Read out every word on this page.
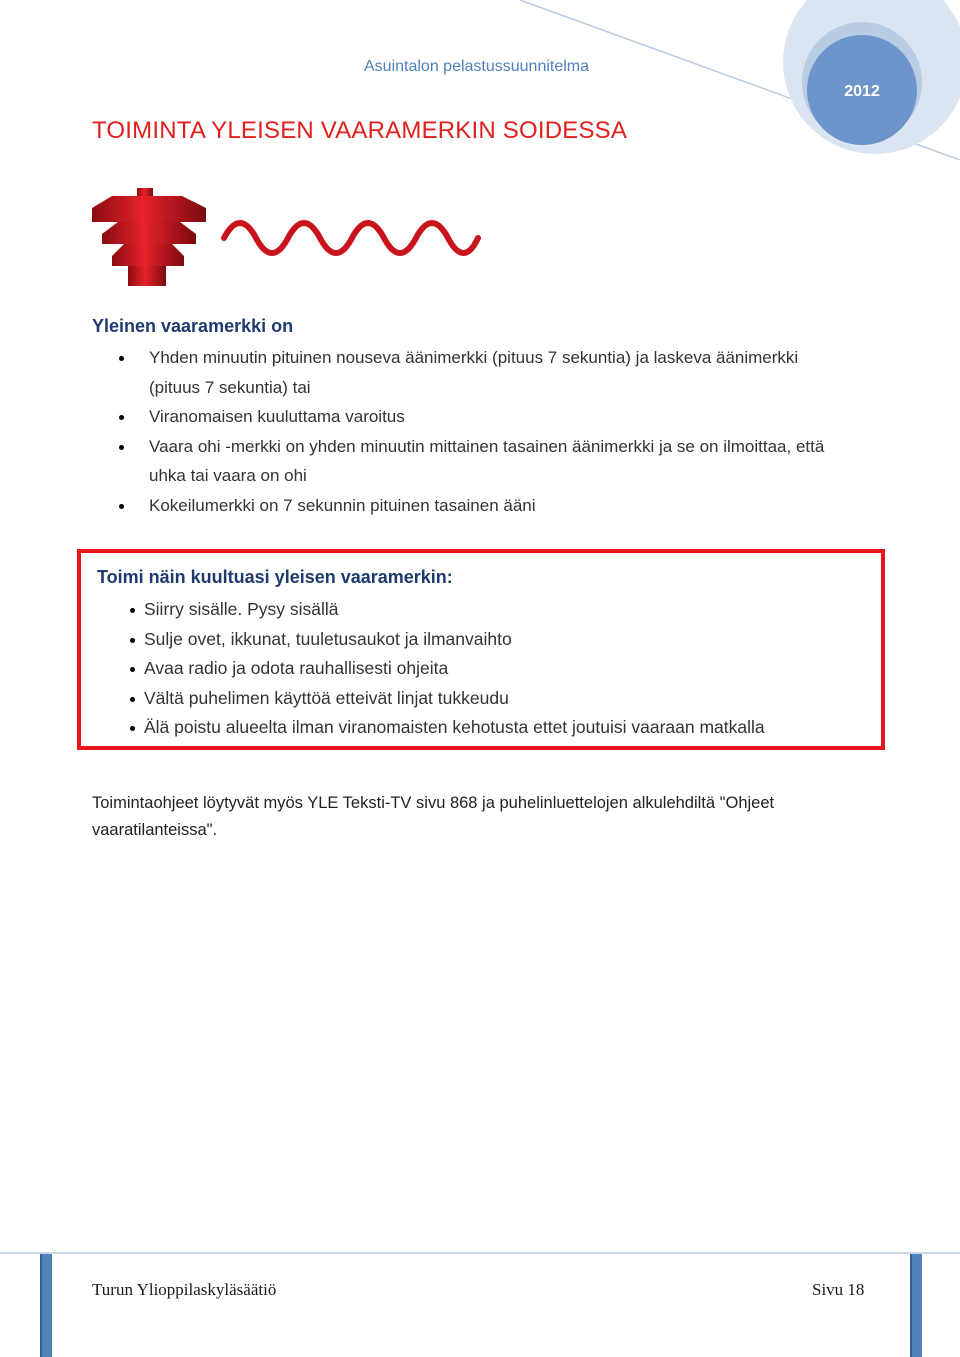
Asuintalon pelastussuunnitelma
2012
TOIMINTA YLEISEN VAARAMERKIN SOIDESSA
Yleinen vaaramerkki on
Yhden minuutin pituinen nouseva äänimerkki (pituus 7 sekuntia) ja laskeva äänimerkki (pituus 7 sekuntia) tai
Viranomaisen kuuluttama varoitus
Vaara ohi -merkki on yhden minuutin mittainen tasainen äänimerkki ja se on ilmoittaa, että uhka tai vaara on ohi
Kokeilumerkki on 7 sekunnin pituinen tasainen ääni
Toimi näin kuultuasi yleisen vaaramerkin:
Siirry sisälle. Pysy sisällä
Sulje ovet, ikkunat, tuuletusaukot ja ilmanvaihto
Avaa radio ja odota rauhallisesti ohjeita
Vältä puhelimen käyttöä etteivät linjat tukkeudu
Älä poistu alueelta ilman viranomaisten kehotusta ettet joutuisi vaaraan matkalla

Toimintaohjeet löytyvät myös YLE Teksti-TV sivu 868 ja puhelinluettelojen alkulehdiltä "Ohjeet vaaratilanteissa".

Turun Ylioppilaskyläsäätiö	Sivu 18
